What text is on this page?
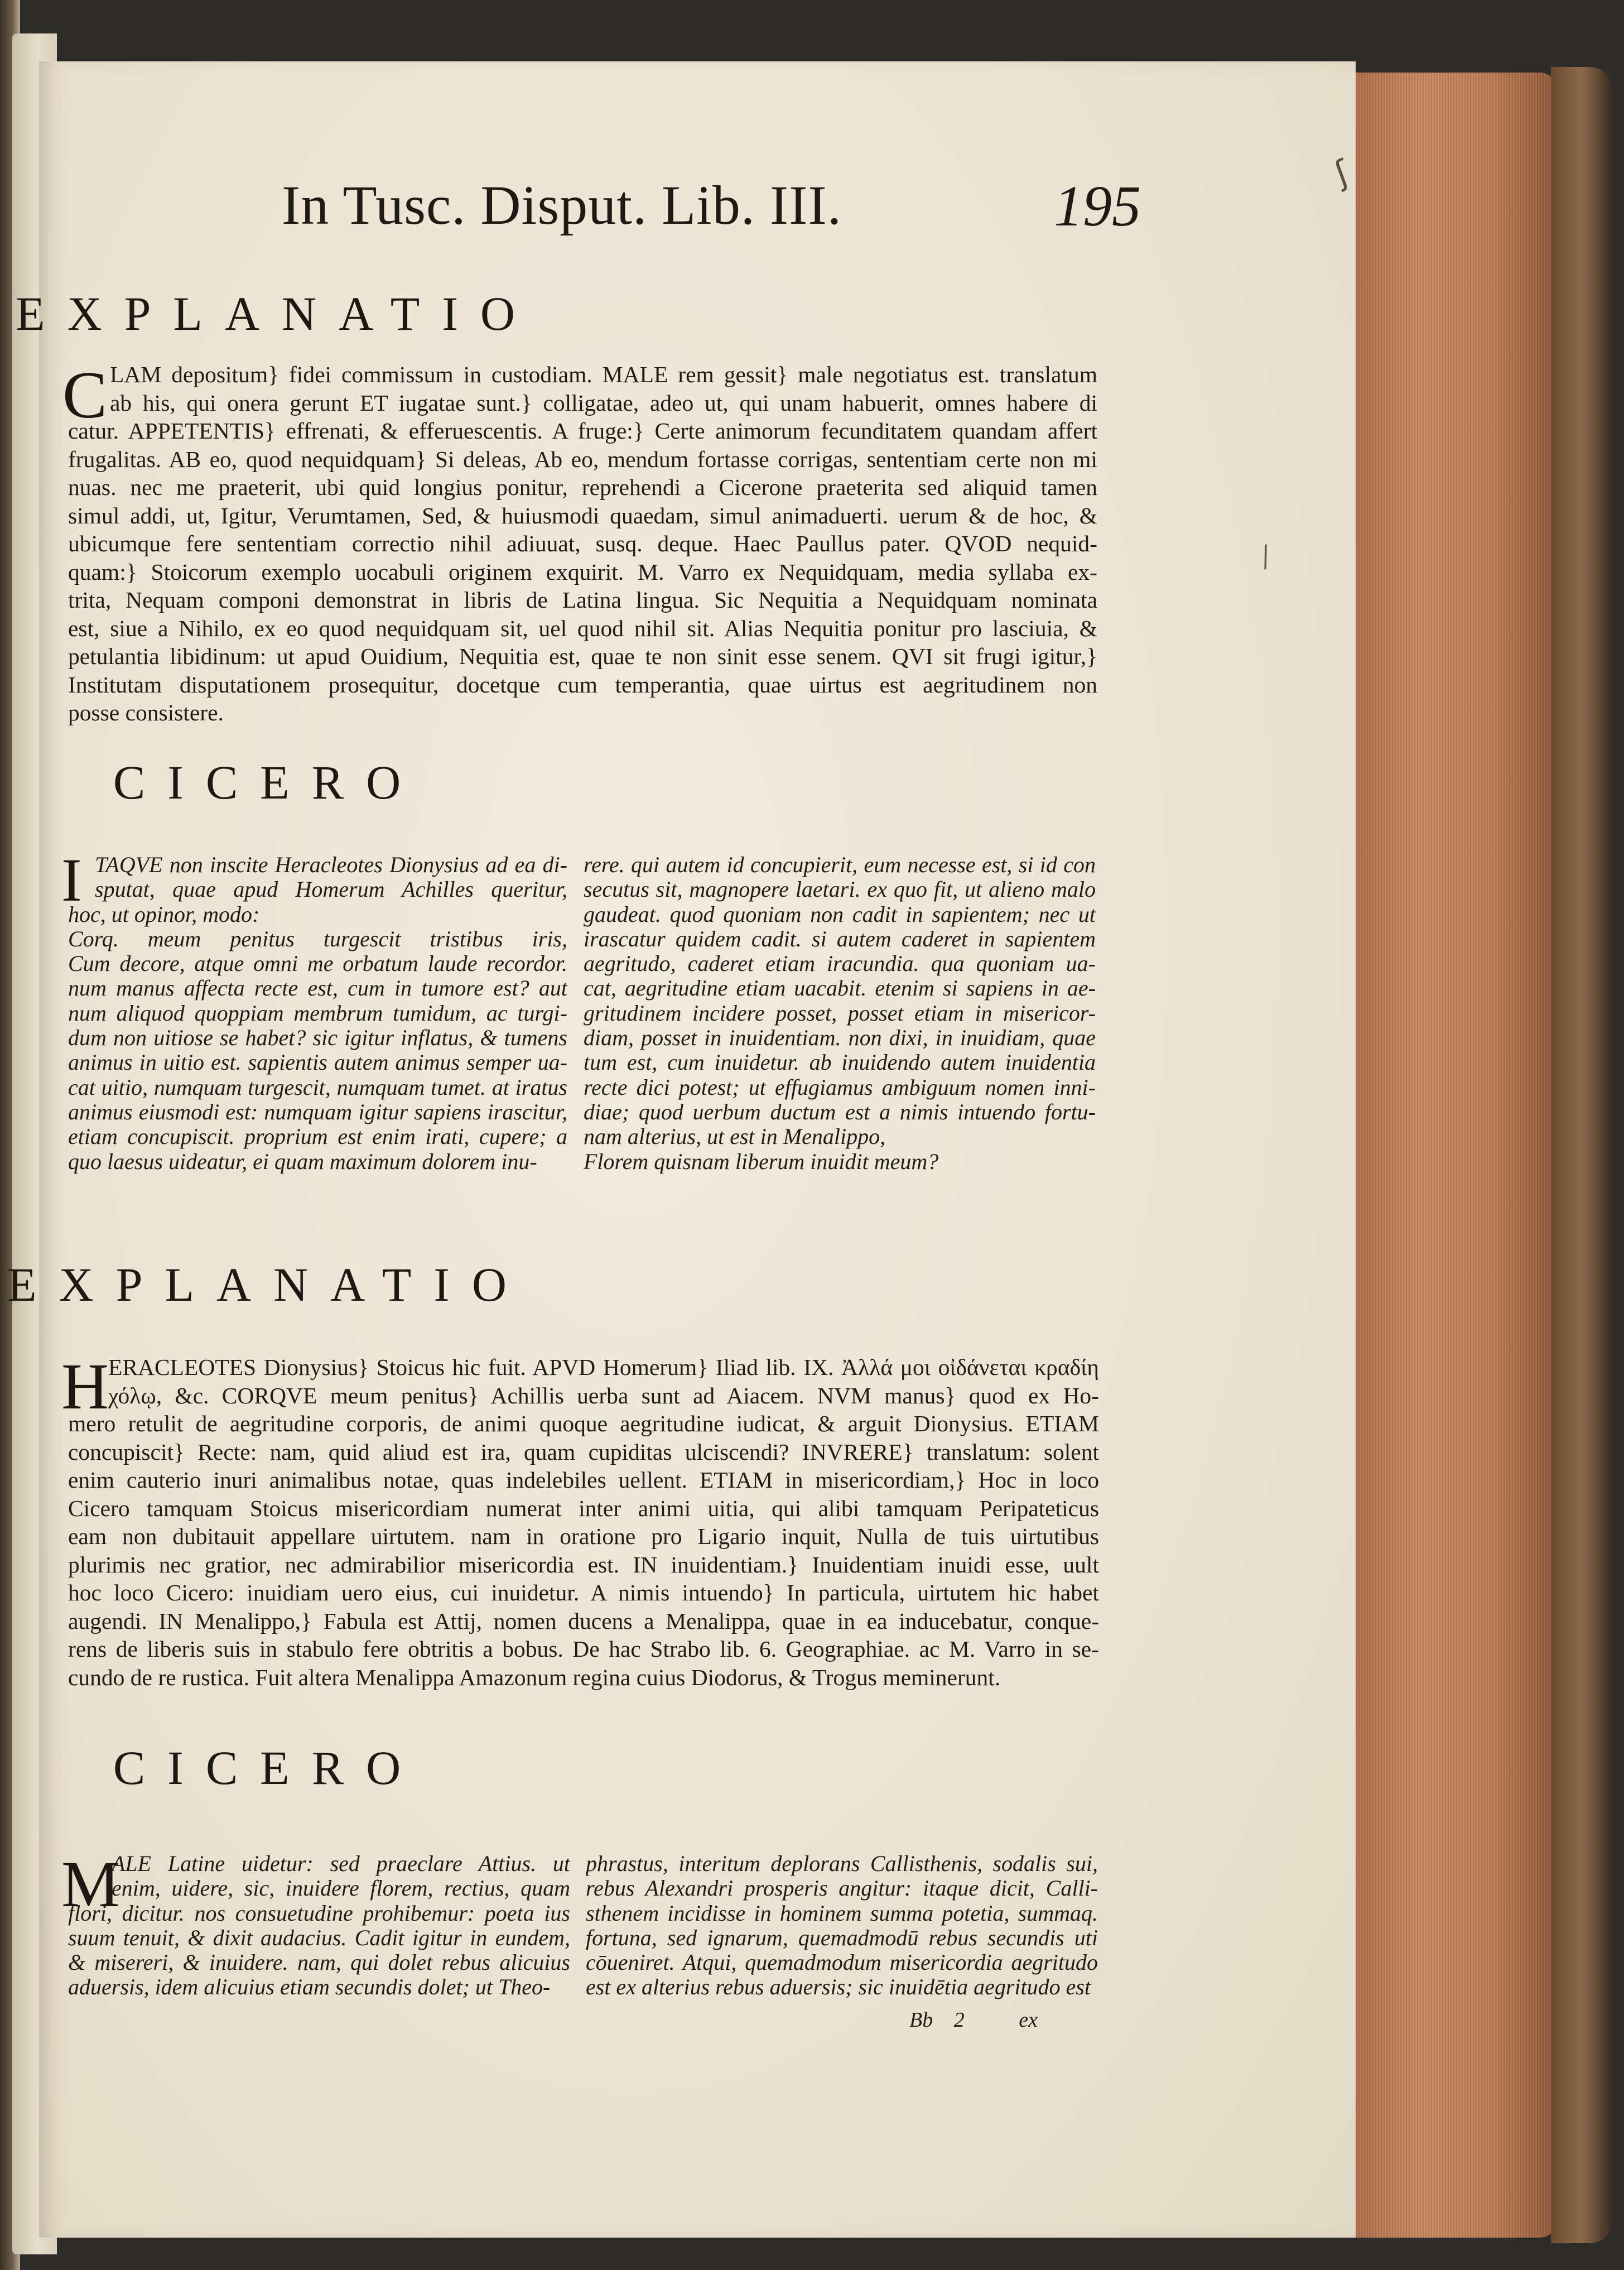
In Tusc. Disput. Lib. III.	195
EXPLANATIO
C LAM depositum} fidei commissum in custodiam. MALE rem gessit} male negotiatus est. translatum
ab his, qui onera gerunt ET iugatae sunt.} colligatae, adeo ut, qui unam habuerit, omnes habere di
catur. APPETENTIS} effrenati, & efferuescentis. A fruge:} Certe animorum fecunditatem quandam affert
frugalitas. AB eo, quod nequidquam} Si deleas, Ab eo, mendum fortasse corrigas, sententiam certe non mi
nuas. nec me praeterit, ubi quid longius ponitur, reprehendi a Cicerone praeterita sed aliquid tamen
simul addi, ut, Igitur, Verumtamen, Sed, & huiusmodi quaedam, simul animaduerti. uerum & de hoc, &
ubicumque fere sententiam correctio nihil adiuuat, susq. deque. Haec Paullus pater. QVOD nequid-
quam:} Stoicorum exemplo uocabuli originem exquirit. M. Varro ex Nequidquam, media syllaba ex-
trita, Nequam componi demonstrat in libris de Latina lingua. Sic Nequitia a Nequidquam nominata
est, siue a Nihilo, ex eo quod nequidquam sit, uel quod nihil sit. Alias Nequitia ponitur pro lasciuia, &
petulantia libidinum: ut apud Ouidium, Nequitia est, quae te non sinit esse senem. QVI sit frugi igitur,}
Institutam disputationem prosequitur, docetque cum temperantia, quae uirtus est aegritudinem non
posse consistere.
CICERO
I TAQVE non inscite Heracleotes Dionysius ad ea di-
sputat, quae apud Homerum Achilles queritur,
hoc, ut opinor, modo:
Corq. meum penitus turgescit tristibus iris,
Cum decore, atque omni me orbatum laude recordor.
num manus affecta recte est, cum in tumore est? aut
num aliquod quoppiam membrum tumidum, ac turgi-
dum non uitiose se habet? sic igitur inflatus, & tumens
animus in uitio est. sapientis autem animus semper ua-
cat uitio, numquam turgescit, numquam tumet. at iratus
animus eiusmodi est: numquam igitur sapiens irascitur,
etiam concupiscit. proprium est enim irati, cupere; a
quo laesus uideatur, ei quam maximum dolorem inu-
rere. qui autem id concupierit, eum necesse est, si id con
secutus sit, magnopere laetari. ex quo fit, ut alieno malo
gaudeat. quod quoniam non cadit in sapientem; nec ut
irascatur quidem cadit. si autem caderet in sapientem
aegritudo, caderet etiam iracundia. qua quoniam ua-
cat, aegritudine etiam uacabit. etenim si sapiens in ae-
gritudinem incidere posset, posset etiam in misericor-
diam, posset in inuidentiam. non dixi, in inuidiam, quae
tum est, cum inuidetur. ab inuidendo autem inuidentia
recte dici potest; ut effugiamus ambiguum nomen inni-
diae; quod uerbum ductum est a nimis intuendo fortu-
nam alterius, ut est in Menalippo,
Florem quisnam liberum inuidit meum?
EXPLANATIO
H
ERACLEOTES Dionysius} Stoicus hic fuit. APVD Homerum} Iliad lib. IX. Ἀλλά μοι οἰδάνεται κραδίη
χόλῳ, &c. CORQVE meum penitus} Achillis uerba sunt ad Aiacem. NVM manus} quod ex Ho-
mero retulit de aegritudine corporis, de animi quoque aegritudine iudicat, & arguit Dionysius. ETIAM
concupiscit} Recte: nam, quid aliud est ira, quam cupiditas ulciscendi? INVRERE} translatum: solent
enim cauterio inuri animalibus notae, quas indelebiles uellent. ETIAM in misericordiam,} Hoc in loco
Cicero tamquam Stoicus misericordiam numerat inter animi uitia, qui alibi tamquam Peripateticus
eam non dubitauit appellare uirtutem. nam in oratione pro Ligario inquit, Nulla de tuis uirtutibus
plurimis nec gratior, nec admirabilior misericordia est. IN inuidentiam.} Inuidentiam inuidi esse, uult
hoc loco Cicero: inuidiam uero eius, cui inuidetur. A nimis intuendo} In particula, uirtutem hic habet
augendi. IN Menalippo,} Fabula est Attij, nomen ducens a Menalippa, quae in ea inducebatur, conque-
rens de liberis suis in stabulo fere obtritis a bobus. De hac Strabo lib. 6. Geographiae. ac M. Varro in se-
cundo de re rustica. Fuit altera Menalippa Amazonum regina cuius Diodorus, & Trogus meminerunt.
CICERO
M
ALE Latine uidetur: sed praeclare Attius. ut
enim, uidere, sic, inuidere florem, rectius, quam
flori, dicitur. nos consuetudine prohibemur: poeta ius
suum tenuit, & dixit audacius. Cadit igitur in eundem,
& misereri, & inuidere. nam, qui dolet rebus alicuius
aduersis, idem alicuius etiam secundis dolet; ut Theo-
phrastus, interitum deplorans Callisthenis, sodalis sui,
rebus Alexandri prosperis angitur: itaque dicit, Calli-
sthenem incidisse in hominem summa potetia, summaq.
fortuna, sed ignarum, quemadmodū rebus secundis uti
cōueniret. Atqui, quemadmodum misericordia aegritudo
est ex alterius rebus aduersis; sic inuidētia aegritudo est
Bb 2	ex
ʃ
⁄
